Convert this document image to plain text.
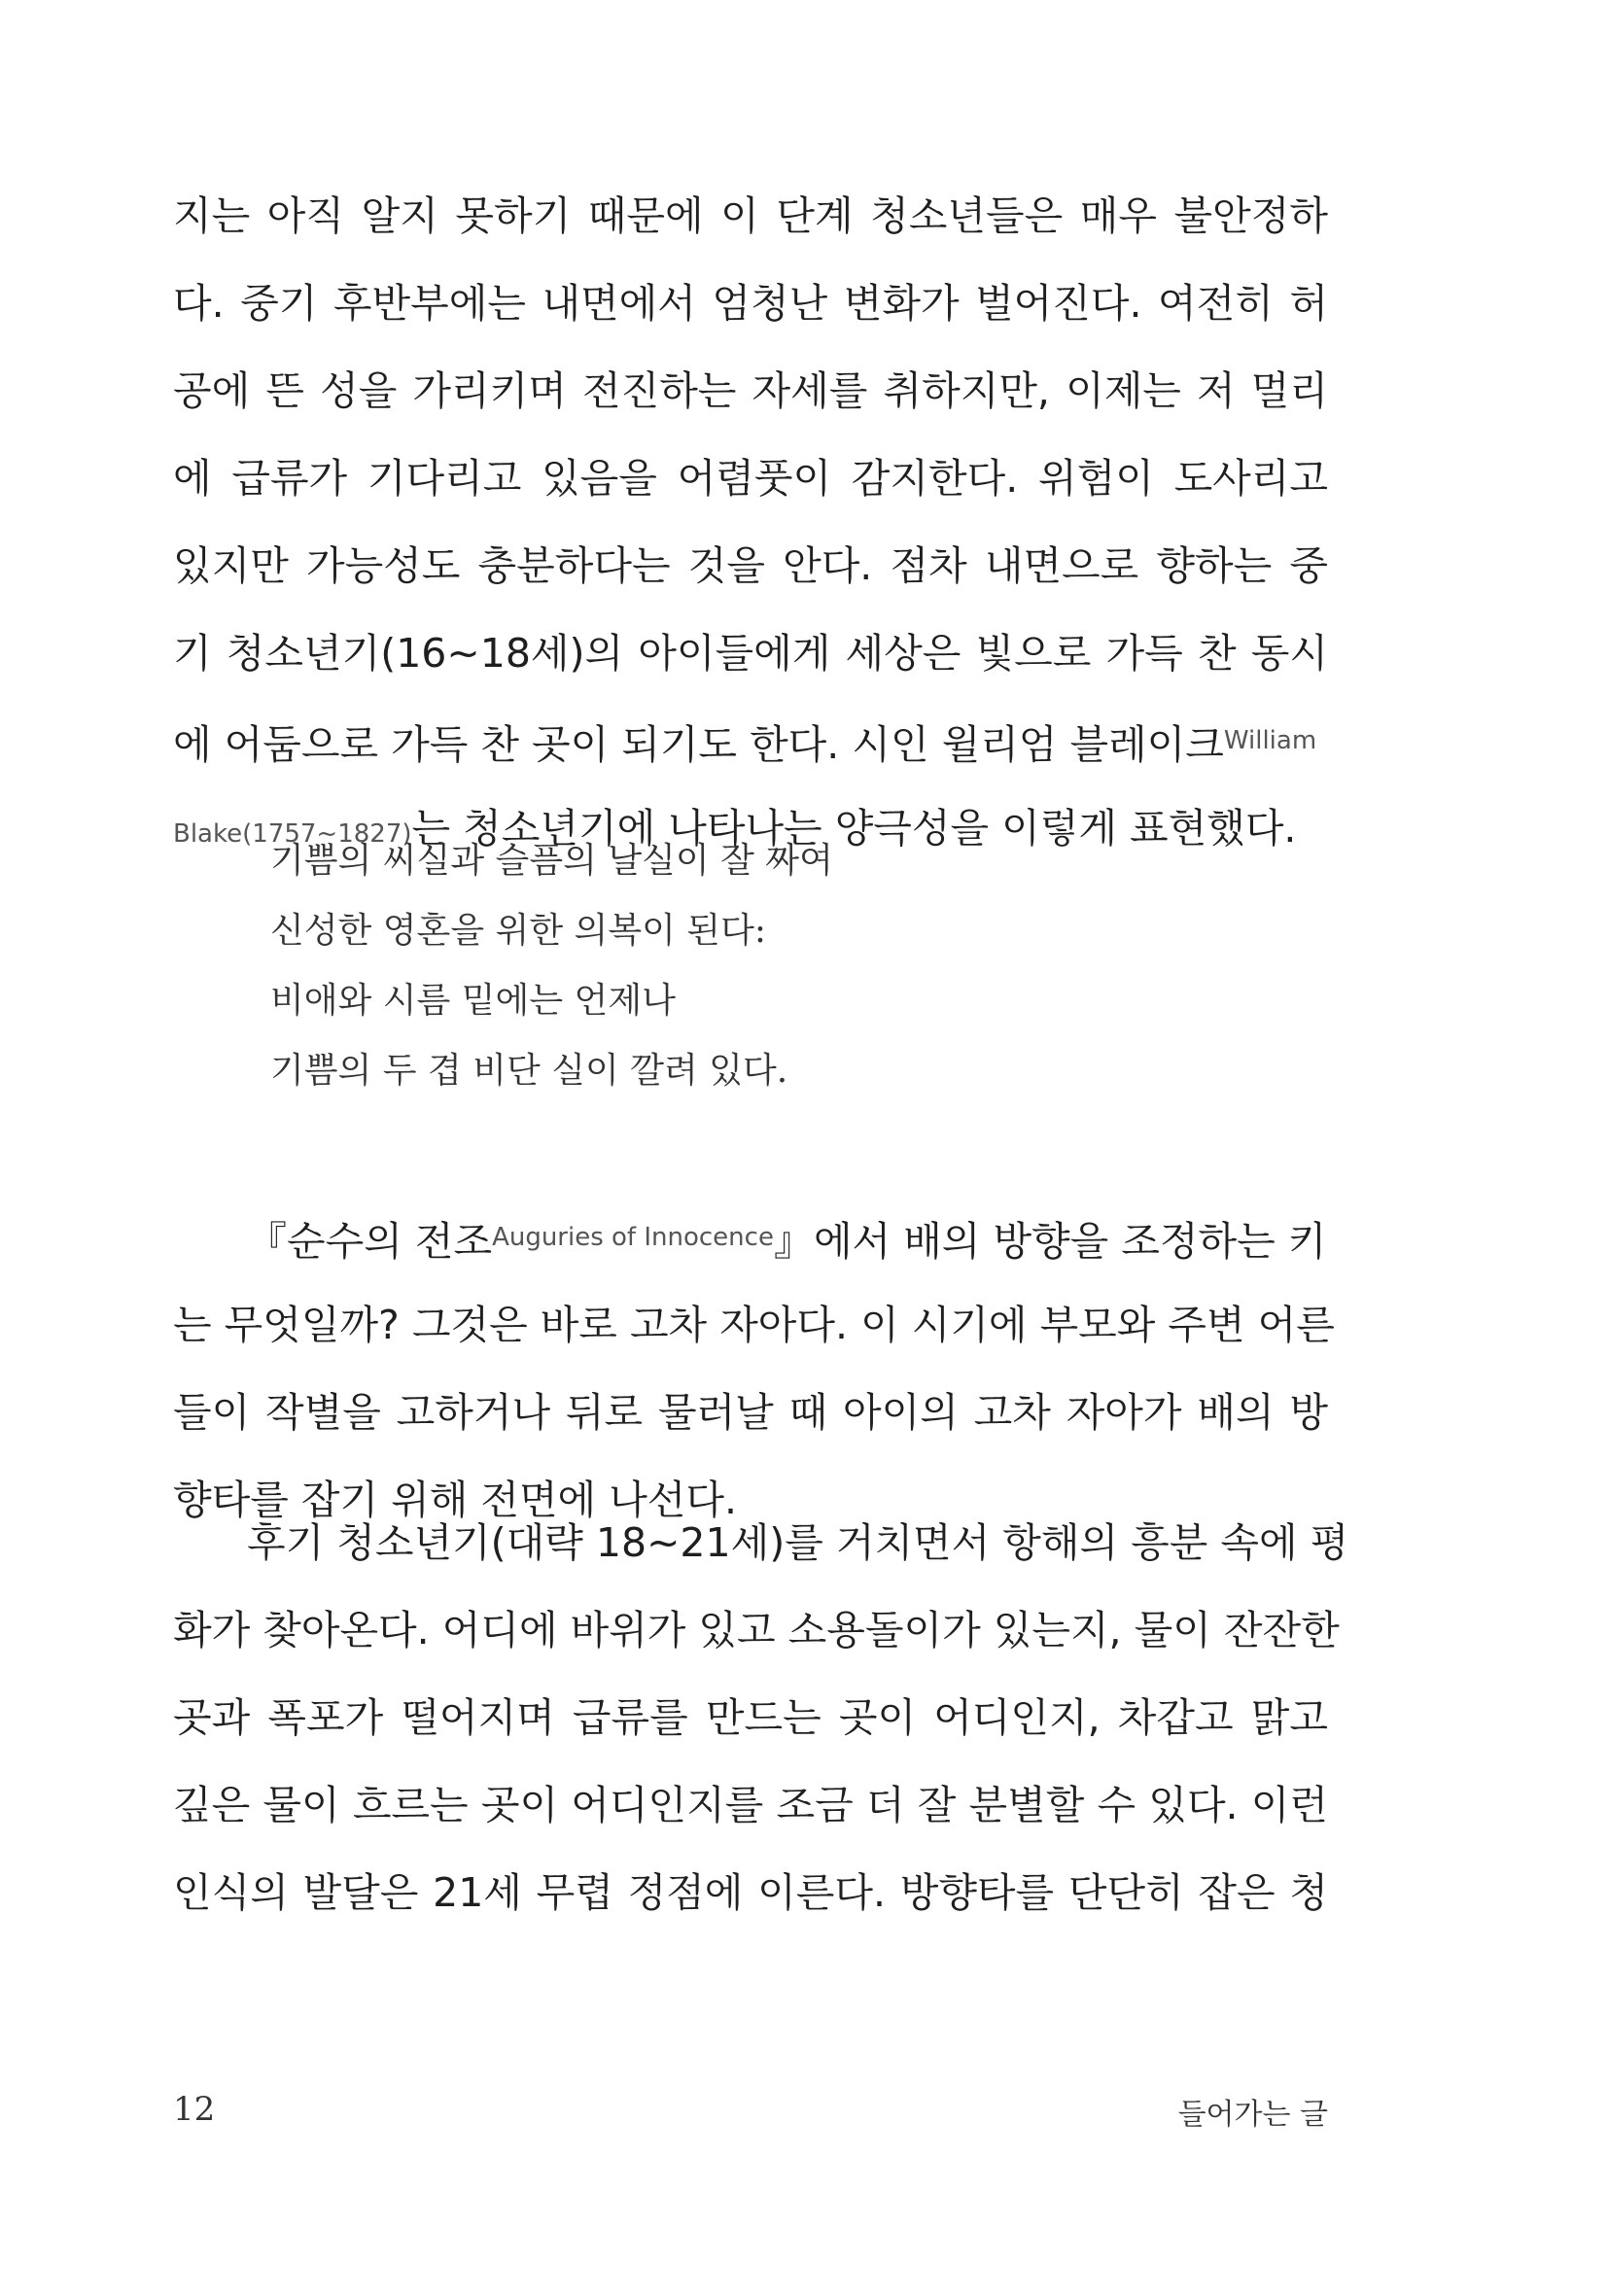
지는 아직 알지 못하기 때문에 이 단계 청소년들은 매우 불안정하
다. 중기 후반부에는 내면에서 엄청난 변화가 벌어진다. 여전히 허
공에 뜬 성을 가리키며 전진하는 자세를 취하지만, 이제는 저 멀리
에 급류가 기다리고 있음을 어렴풋이 감지한다. 위험이 도사리고
있지만 가능성도 충분하다는 것을 안다. 점차 내면으로 향하는 중
기 청소년기(16~18세)의 아이들에게 세상은 빛으로 가득 찬 동시
에 어둠으로 가득 찬 곳이 되기도 한다. 시인 윌리엄 블레이크$^{William}$
Blake(1757~1827)는 청소년기에 나타나는 양극성을 이렇게 표현했다.
기쁨의 씨실과 슬픔의 날실이 잘 짜여
신성한 영혼을 위한 의복이 된다:
비애와 시름 밑에는 언제나
기쁨의 두 겹 비단 실이 깔려 있다.
『순수의 전조$^{Auguries of Innocence}$』에서 배의 방향을 조정하는 키
는 무엇일까? 그것은 바로 고차 자아다. 이 시기에 부모와 주변 어른
들이 작별을 고하거나 뒤로 물러날 때 아이의 고차 자아가 배의 방
향타를 잡기 위해 전면에 나선다.
후기 청소년기(대략 18~21세)를 거치면서 항해의 흥분 속에 평
화가 찾아온다. 어디에 바위가 있고 소용돌이가 있는지, 물이 잔잔한
곳과 폭포가 떨어지며 급류를 만드는 곳이 어디인지, 차갑고 맑고
깊은 물이 흐르는 곳이 어디인지를 조금 더 잘 분별할 수 있다. 이런
인식의 발달은 21세 무렵 정점에 이른다. 방향타를 단단히 잡은 청
12	들어가는 글
